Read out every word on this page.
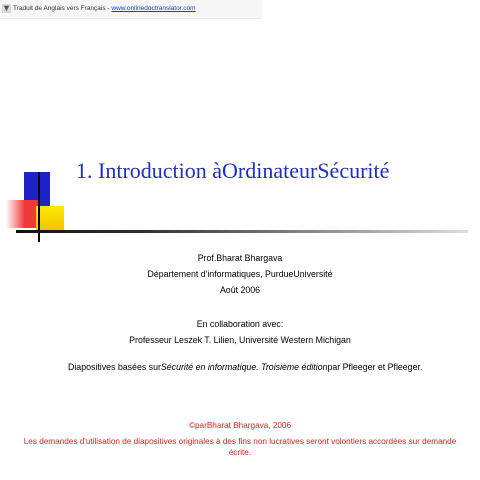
Traduit de Anglais vers Français - www.onlinedoctranslator.com
1. Introduction àOrdinateurSécurité
Prof.Bharat Bhargava
Département d'informatiques, PurdueUniversité
Août 2006
En collaboration avec:
Professeur Leszek T. Lilien, Université Western Michigan
Diapositives basées surSécurité en informatique. Troisième éditionpar Pfleeger et Pfleeger.
©parBharat Bhargava, 2006
Les demandes d'utilisation de diapositives originales à des fins non lucratives seront volontiers accordées sur demande écrite.
